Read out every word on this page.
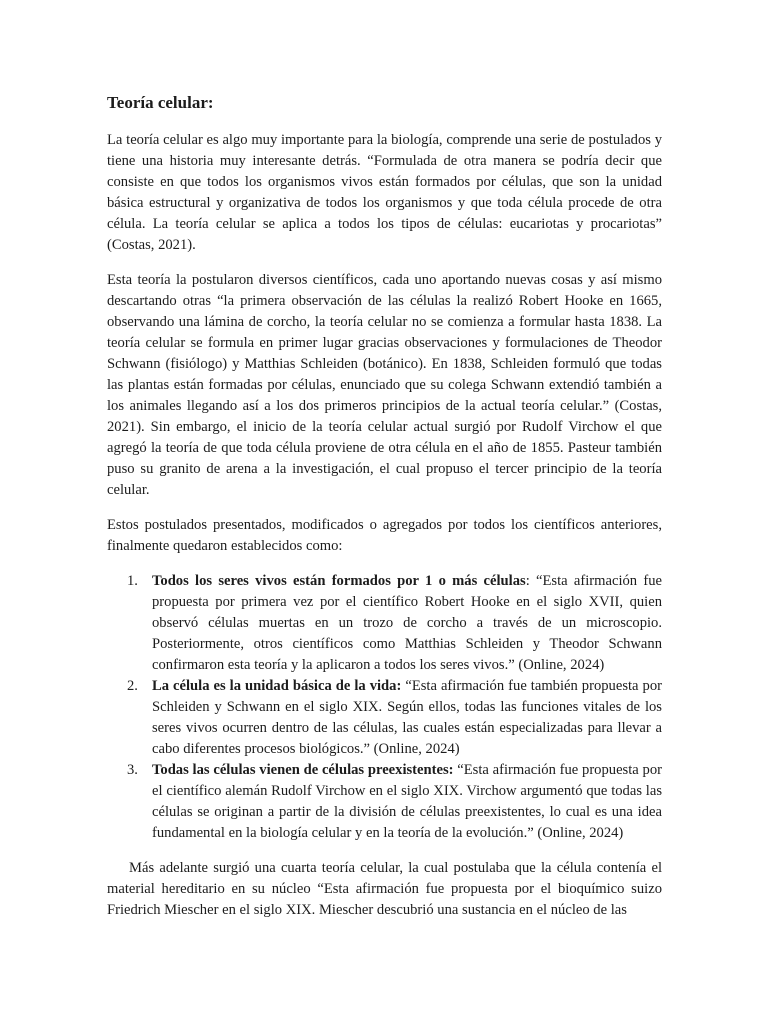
Teoría celular:

La teoría celular es algo muy importante para la biología, comprende una serie de postulados y tiene una historia muy interesante detrás. “Formulada de otra manera se podría decir que consiste en que todos los organismos vivos están formados por células, que son la unidad básica estructural y organizativa de todos los organismos y que toda célula procede de otra célula. La teoría celular se aplica a todos los tipos de células: eucariotas y procariotas” (Costas, 2021).

Esta teoría la postularon diversos científicos, cada uno aportando nuevas cosas y así mismo descartando otras “la primera observación de las células la realizó Robert Hooke en 1665, observando una lámina de corcho, la teoría celular no se comienza a formular hasta 1838. La teoría celular se formula en primer lugar gracias observaciones y formulaciones de Theodor Schwann (fisiólogo) y Matthias Schleiden (botánico). En 1838, Schleiden formuló que todas las plantas están formadas por células, enunciado que su colega Schwann extendió también a los animales llegando así a los dos primeros principios de la actual teoría celular.” (Costas, 2021). Sin embargo, el inicio de la teoría celular actual surgió por Rudolf Virchow el que agregó la teoría de que toda célula proviene de otra célula en el año de 1855. Pasteur también puso su granito de arena a la investigación, el cual propuso el tercer principio de la teoría celular.

Estos postulados presentados, modificados o agregados por todos los científicos anteriores, finalmente quedaron establecidos como:

1. Todos los seres vivos están formados por 1 o más células: “Esta afirmación fue propuesta por primera vez por el científico Robert Hooke en el siglo XVII, quien observó células muertas en un trozo de corcho a través de un microscopio. Posteriormente, otros científicos como Matthias Schleiden y Theodor Schwann confirmaron esta teoría y la aplicaron a todos los seres vivos.” (Online, 2024)
2. La célula es la unidad básica de la vida: “Esta afirmación fue también propuesta por Schleiden y Schwann en el siglo XIX. Según ellos, todas las funciones vitales de los seres vivos ocurren dentro de las células, las cuales están especializadas para llevar a cabo diferentes procesos biológicos.” (Online, 2024)
3. Todas las células vienen de células preexistentes: “Esta afirmación fue propuesta por el científico alemán Rudolf Virchow en el siglo XIX. Virchow argumentó que todas las células se originan a partir de la división de células preexistentes, lo cual es una idea fundamental en la biología celular y en la teoría de la evolución.” (Online, 2024)

Más adelante surgió una cuarta teoría celular, la cual postulaba que la célula contenía el material hereditario en su núcleo “Esta afirmación fue propuesta por el bioquímico suizo Friedrich Miescher en el siglo XIX. Miescher descubrió una sustancia en el núcleo de las
